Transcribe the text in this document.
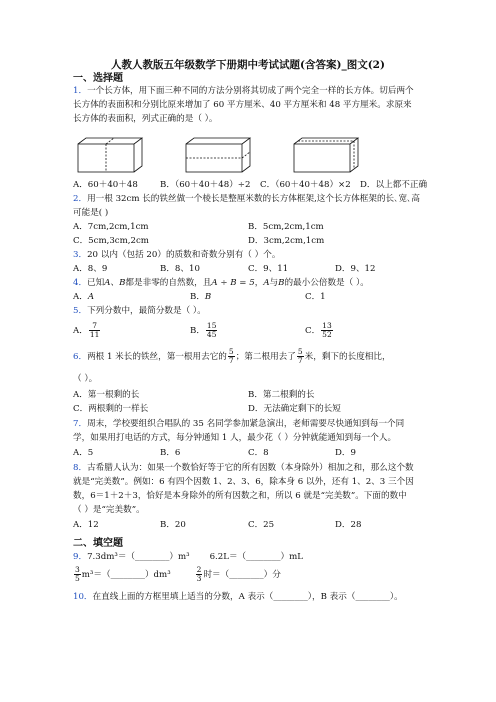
人教人教版五年级数学下册期中考试试题(含答案)_图文(2)
一、选择题
1．一个长方体，用下面三种不同的方法分别将其切成了两个完全一样的长方体。切后两个
长方体的表面积和分别比原来增加了 60 平方厘米、40 平方厘米和 48 平方厘米。求原来
长方体的表面积，列式正确的是（ ）。
A．60＋40＋48	B．（60＋40＋48）÷2 C．（60＋40＋48）×2 D．以上都不正确
2．用一根 32cm 长的铁丝做一个棱长是整厘米数的长方体框架,这个长方体框架的长､宽､高
可能是( )
A．7cm,2cm,1cm	B．5cm,2cm,1cm
C．5cm,3cm,2cm	D．3cm,2cm,1cm
3．20 以内（包括 20）的质数和奇数分别有（ ）个。
A．8、9	B．8、10	C．9、11	D．9、12
4．已知A、B都是非零的自然数，且A ÷ B = 5，A与B的最小公倍数是（ ）。
A．A	B．B	C．1
5．下列分数中，最简分数是（ ）。
A． $\frac{7}{11}$	B． $\frac{15}{45}$	C． $\frac{13}{52}$
6．两根 1 米长的铁丝，第一根用去它的 $\frac{5}{7}$ ；第二根用去了 $\frac{5}{7}$ 米，剩下的长度相比，
（ ）。
A．第一根剩的长	B．第二根剩的长
C．两根剩的一样长	D．无法确定剩下的长短
7．周末，学校要组织合唱队的 35 名同学参加紧急演出，老师需要尽快通知到每一个同
学，如果用打电话的方式，每分钟通知 1 人，最少花（ ）分钟就能通知到每一个人。
A．5	B．6	C．8	D．9
8．古希腊人认为：如果一个数恰好等于它的所有因数（本身除外）相加之和，那么这个数
就是“完美数”。例如：6 有四个因数 1、2、3、6，除本身 6 以外，还有 1、2、3 三个因
数，6＝1＋2＋3，恰好是本身除外的所有因数之和，所以 6 就是“完美数”。下面的数中
（ ）是“完美数”。
A．12	B．20	C．25	D．28
二、填空题
9．7.3dm³＝（________）m³ 6.2L＝（________）mL
$\frac{3}{5}$ m³＝（________）dm³	$\frac{2}{3}$ 时＝（________）分
10．在直线上面的方框里填上适当的分数，A 表示（________），B 表示（________）。
